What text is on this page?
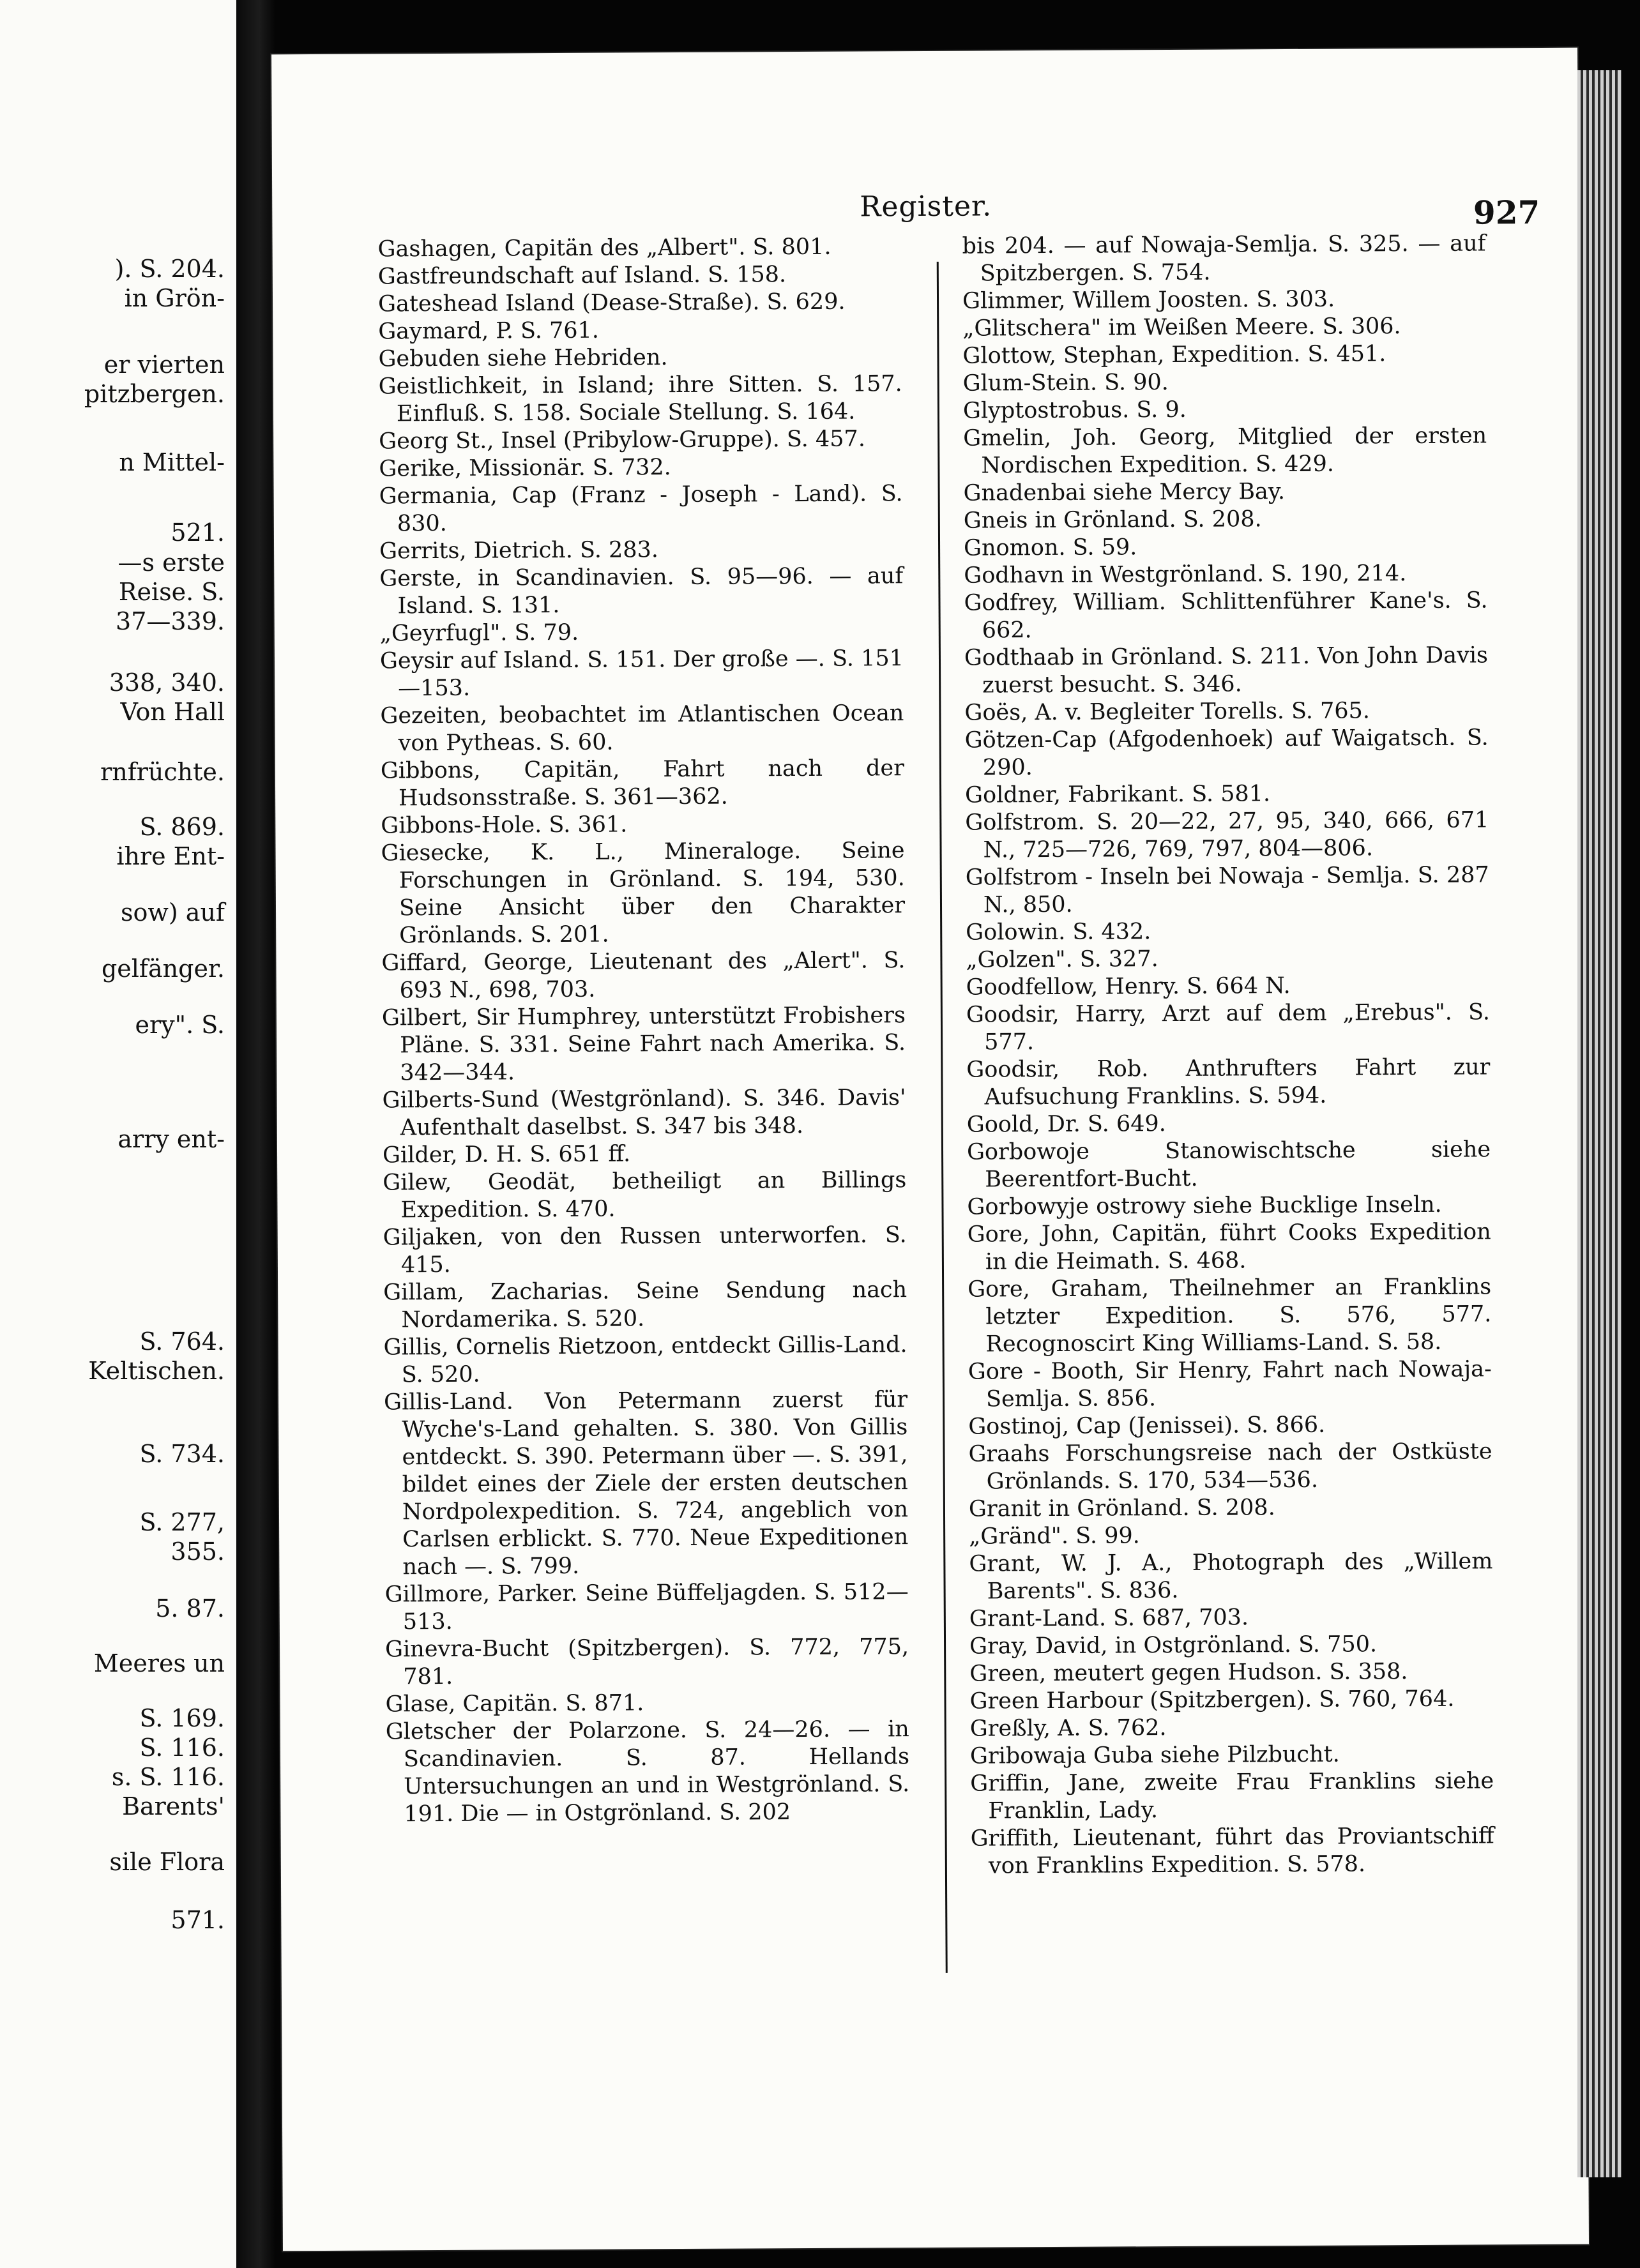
). S. 204.
in Grön-
er vierten
pitzbergen.
n Mittel-
521.
—s erste
Reise. S.
37—339.
338, 340.
Von Hall
rnfrüchte.
S. 869.
ihre Ent-
sow) auf
gelfänger.
ery". S.
arry ent-
S. 764.
Keltischen.
S. 734.
S. 277,
355.
5. 87.
Meeres un
S. 169.
S. 116.
s. S. 116.
Barents'
sile Flora
571.
Register.	927

Gashagen, Capitän des „Albert". S. 801.

Gastfreundschaft auf Island. S. 158.

Gateshead Island (Dease-Straße). S. 629.

Gaymard, P. S. 761.

Gebuden siehe Hebriden.

Geistlichkeit, in Island; ihre Sitten. S. 157. Einfluß. S. 158. Sociale Stellung. S. 164.

Georg St., Insel (Pribylow-Gruppe). S. 457.

Gerike, Missionär. S. 732.

Germania, Cap (Franz - Joseph - Land). S. 830.

Gerrits, Dietrich. S. 283.

Gerste, in Scandinavien. S. 95—96. — auf Island. S. 131.

„Geyrfugl". S. 79.

Geysir auf Island. S. 151. Der große —. S. 151—153.

Gezeiten, beobachtet im Atlantischen Ocean von Pytheas. S. 60.

Gibbons, Capitän, Fahrt nach der Hudsonsstraße. S. 361—362.

Gibbons-Hole. S. 361.

Giesecke, K. L., Mineraloge. Seine Forschungen in Grönland. S. 194, 530. Seine Ansicht über den Charakter Grönlands. S. 201.

Giffard, George, Lieutenant des „Alert". S. 693 N., 698, 703.

Gilbert, Sir Humphrey, unterstützt Frobishers Pläne. S. 331. Seine Fahrt nach Amerika. S. 342—344.

Gilberts-Sund (Westgrönland). S. 346. Davis' Aufenthalt daselbst. S. 347 bis 348.

Gilder, D. H. S. 651 ff.

Gilew, Geodät, betheiligt an Billings Expedition. S. 470.

Giljaken, von den Russen unterworfen. S. 415.

Gillam, Zacharias. Seine Sendung nach Nordamerika. S. 520.

Gillis, Cornelis Rietzoon, entdeckt Gillis-Land. S. 520.

Gillis-Land. Von Petermann zuerst für Wyche's-Land gehalten. S. 380. Von Gillis entdeckt. S. 390. Petermann über —. S. 391, bildet eines der Ziele der ersten deutschen Nordpolexpedition. S. 724, angeblich von Carlsen erblickt. S. 770. Neue Expeditionen nach —. S. 799.

Gillmore, Parker. Seine Büffeljagden. S. 512—513.

Ginevra-Bucht (Spitzbergen). S. 772, 775, 781.

Glase, Capitän. S. 871.

Gletscher der Polarzone. S. 24—26. — in Scandinavien. S. 87. Hellands Untersuchungen an und in Westgrönland. S. 191. Die — in Ostgrönland. S. 202

bis 204. — auf Nowaja-Semlja. S. 325. — auf Spitzbergen. S. 754.

Glimmer, Willem Joosten. S. 303.

„Glitschera" im Weißen Meere. S. 306.

Glottow, Stephan, Expedition. S. 451.

Glum-Stein. S. 90.

Glyptostrobus. S. 9.

Gmelin, Joh. Georg, Mitglied der ersten Nordischen Expedition. S. 429.

Gnadenbai siehe Mercy Bay.

Gneis in Grönland. S. 208.

Gnomon. S. 59.

Godhavn in Westgrönland. S. 190, 214.

Godfrey, William. Schlittenführer Kane's. S. 662.

Godthaab in Grönland. S. 211. Von John Davis zuerst besucht. S. 346.

Goës, A. v. Begleiter Torells. S. 765.

Götzen-Cap (Afgodenhoek) auf Waigatsch. S. 290.

Goldner, Fabrikant. S. 581.

Golfstrom. S. 20—22, 27, 95, 340, 666, 671 N., 725—726, 769, 797, 804—806.

Golfstrom - Inseln bei Nowaja - Semlja. S. 287 N., 850.

Golowin. S. 432.

„Golzen". S. 327.

Goodfellow, Henry. S. 664 N.

Goodsir, Harry, Arzt auf dem „Erebus". S. 577.

Goodsir, Rob. Anthrufters Fahrt zur Aufsuchung Franklins. S. 594.

Goold, Dr. S. 649.

Gorbowoje Stanowischtsche siehe Beerentfort-Bucht.

Gorbowyje ostrowy siehe Bucklige Inseln.

Gore, John, Capitän, führt Cooks Expedition in die Heimath. S. 468.

Gore, Graham, Theilnehmer an Franklins letzter Expedition. S. 576, 577. Recognoscirt King Williams-Land. S. 58.

Gore - Booth, Sir Henry, Fahrt nach Nowaja-Semlja. S. 856.

Gostinoj, Cap (Jenissei). S. 866.

Graahs Forschungsreise nach der Ostküste Grönlands. S. 170, 534—536.

Granit in Grönland. S. 208.

„Gränd". S. 99.

Grant, W. J. A., Photograph des „Willem Barents". S. 836.

Grant-Land. S. 687, 703.

Gray, David, in Ostgrönland. S. 750.

Green, meutert gegen Hudson. S. 358.

Green Harbour (Spitzbergen). S. 760, 764.

Greßly, A. S. 762.

Gribowaja Guba siehe Pilzbucht.

Griffin, Jane, zweite Frau Franklins siehe Franklin, Lady.

Griffith, Lieutenant, führt das Proviantschiff von Franklins Expedition. S. 578.
